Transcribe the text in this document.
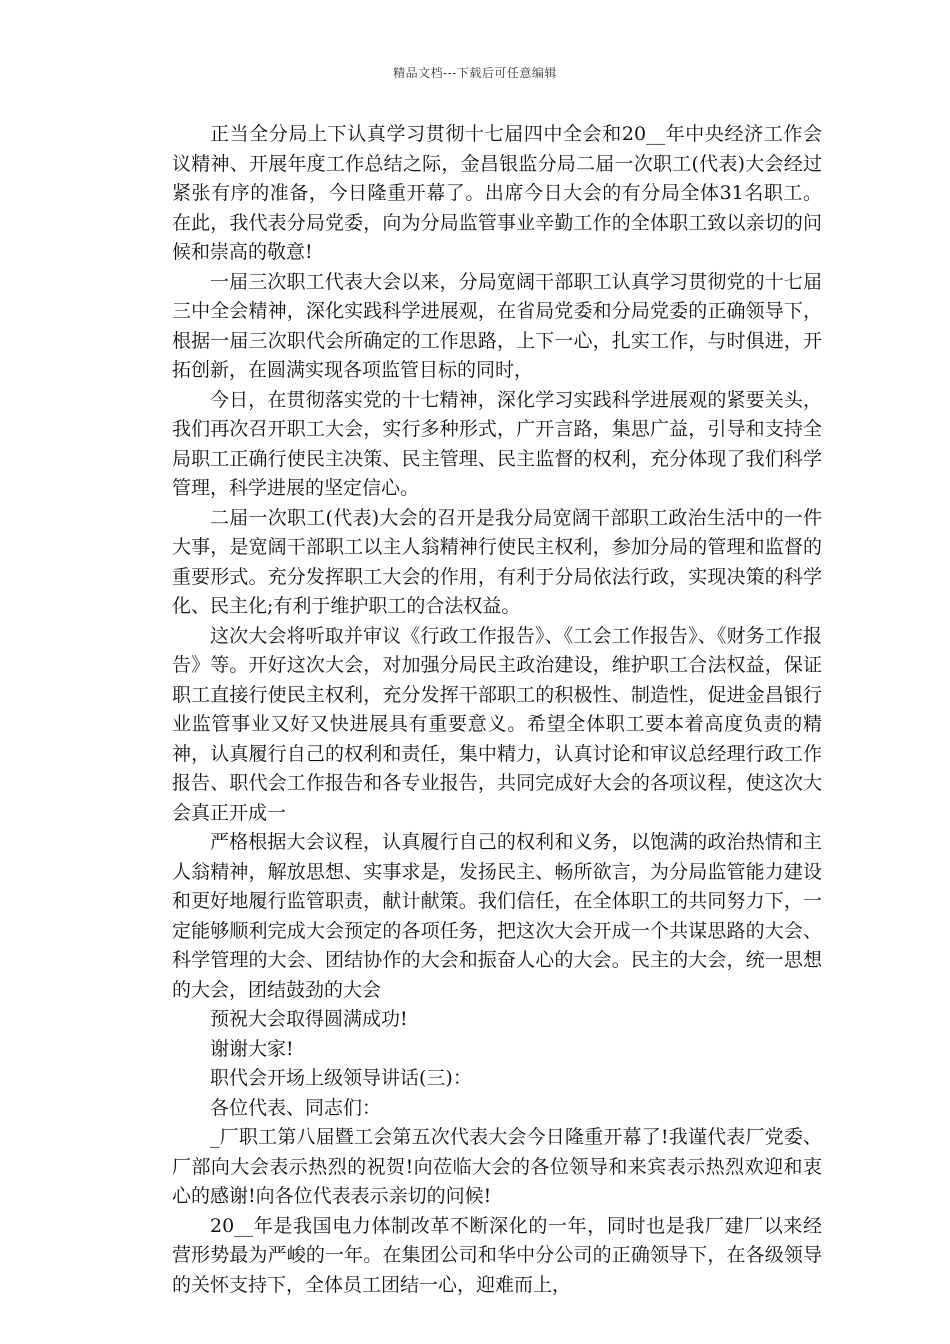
精品文档---下载后可任意编辑

正当全分局上下认真学习贯彻十七届四中全会和20__年中央经济工作会议精神、开展年度工作总结之际，金昌银监分局二届一次职工(代表)大会经过紧张有序的准备，今日隆重开幕了。出席今日大会的有分局全体31名职工。在此，我代表分局党委，向为分局监管事业辛勤工作的全体职工致以亲切的问候和崇高的敬意!

一届三次职工代表大会以来，分局宽阔干部职工认真学习贯彻党的十七届三中全会精神，深化实践科学进展观，在省局党委和分局党委的正确领导下，根据一届三次职代会所确定的工作思路，上下一心，扎实工作，与时俱进，开拓创新，在圆满实现各项监管目标的同时，

今日，在贯彻落实党的十七精神，深化学习实践科学进展观的紧要关头，我们再次召开职工大会，实行多种形式，广开言路，集思广益，引导和支持全局职工正确行使民主决策、民主管理、民主监督的权利，充分体现了我们科学管理，科学进展的坚定信心。

二届一次职工(代表)大会的召开是我分局宽阔干部职工政治生活中的一件大事，是宽阔干部职工以主人翁精神行使民主权利，参加分局的管理和监督的重要形式。充分发挥职工大会的作用，有利于分局依法行政，实现决策的科学化、民主化;有利于维护职工的合法权益。

这次大会将听取并审议《行政工作报告》、《工会工作报告》、《财务工作报告》等。开好这次大会，对加强分局民主政治建设，维护职工合法权益，保证职工直接行使民主权利，充分发挥干部职工的积极性、制造性，促进金昌银行业监管事业又好又快进展具有重要意义。希望全体职工要本着高度负责的精神，认真履行自己的权利和责任，集中精力，认真讨论和审议总经理行政工作报告、职代会工作报告和各专业报告，共同完成好大会的各项议程，使这次大会真正开成一

严格根据大会议程，认真履行自己的权利和义务，以饱满的政治热情和主人翁精神，解放思想、实事求是，发扬民主、畅所欲言，为分局监管能力建设和更好地履行监管职责，献计献策。我们信任，在全体职工的共同努力下，一定能够顺利完成大会预定的各项任务，把这次大会开成一个共谋思路的大会、科学管理的大会、团结协作的大会和振奋人心的大会。民主的大会，统一思想的大会，团结鼓劲的大会

预祝大会取得圆满成功!

谢谢大家!

职代会开场上级领导讲话(三)：

各位代表、同志们：

_厂职工第八届暨工会第五次代表大会今日隆重开幕了!我谨代表厂党委、厂部向大会表示热烈的祝贺!向莅临大会的各位领导和来宾表示热烈欢迎和衷心的感谢!向各位代表表示亲切的问候!

20__年是我国电力体制改革不断深化的一年，同时也是我厂建厂以来经营形势最为严峻的一年。在集团公司和华中分公司的正确领导下，在各级领导的关怀支持下，全体员工团结一心，迎难而上，
